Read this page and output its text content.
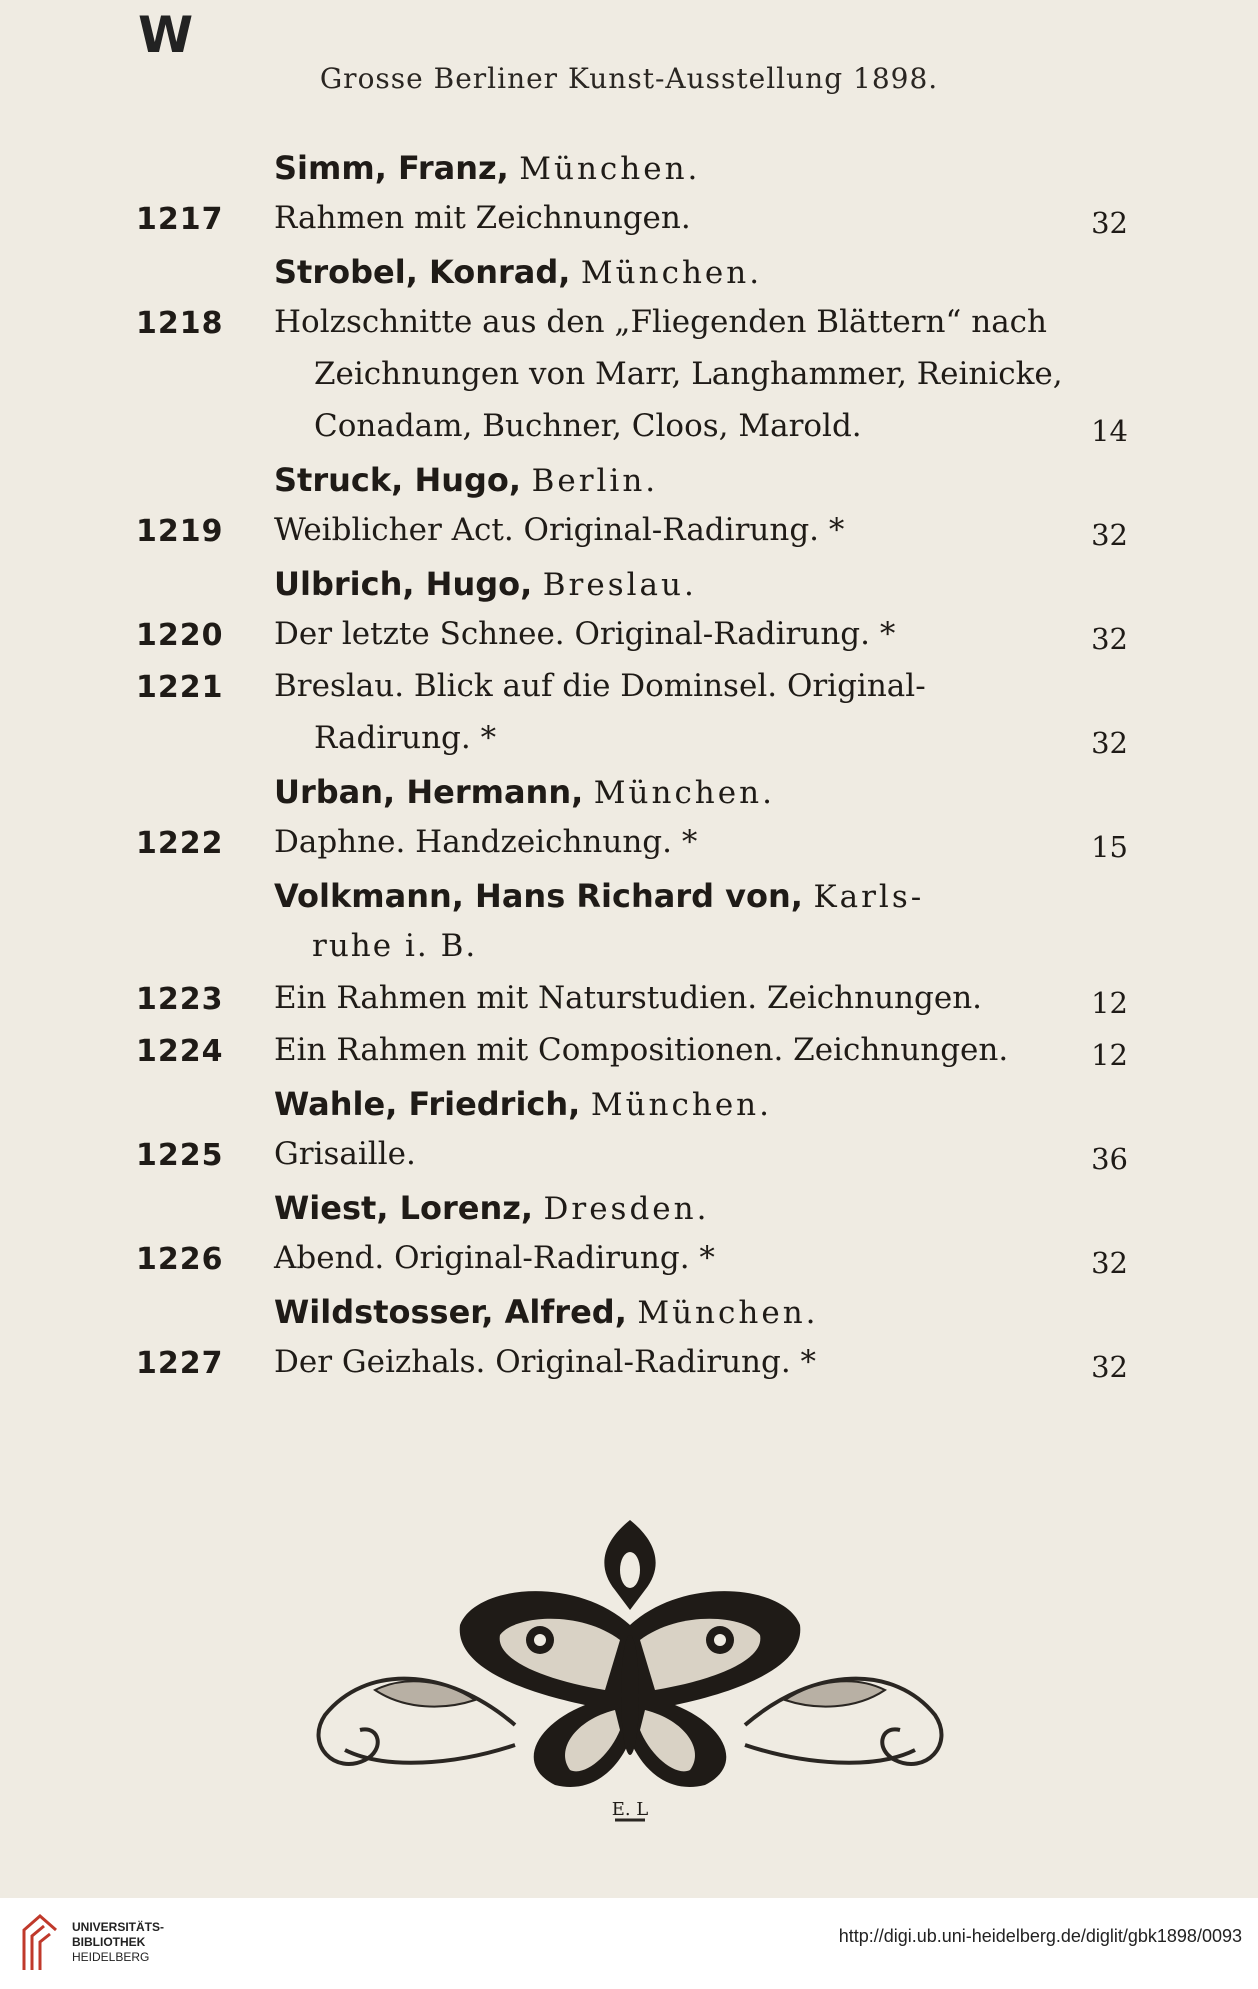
W
Grosse Berliner Kunst-Ausstellung 1898.
Simm, Franz, München.
1217 Rahmen mit Zeichnungen.	32
Strobel, Konrad, München.
1218 Holzschnitte aus den „Fliegenden Blättern“ nach
Zeichnungen von Marr, Langhammer, Reinicke,
Conadam, Buchner, Cloos, Marold.	14
Struck, Hugo, Berlin.
1219 Weiblicher Act. Original-Radirung. *	32
Ulbrich, Hugo, Breslau.
1220 Der letzte Schnee. Original-Radirung. *	32
1221 Breslau. Blick auf die Dominsel. Original-
Radirung. *	32
Urban, Hermann, München.
1222 Daphne. Handzeichnung. *	15
Volkmann, Hans Richard von, Karls-
ruhe i. B.
1223 Ein Rahmen mit Naturstudien. Zeichnungen.	12
1224 Ein Rahmen mit Compositionen. Zeichnungen.	12
Wahle, Friedrich, München.
1225 Grisaille.	36
Wiest, Lorenz, Dresden.
1226 Abend. Original-Radirung. *	32
Wildstosser, Alfred, München.
1227 Der Geizhals. Original-Radirung. *	32
E. L
UNIVERSITÄTS-
BIBLIOTHEK
HEIDELBERG
http://digi.ub.uni-heidelberg.de/diglit/gbk1898/0093
